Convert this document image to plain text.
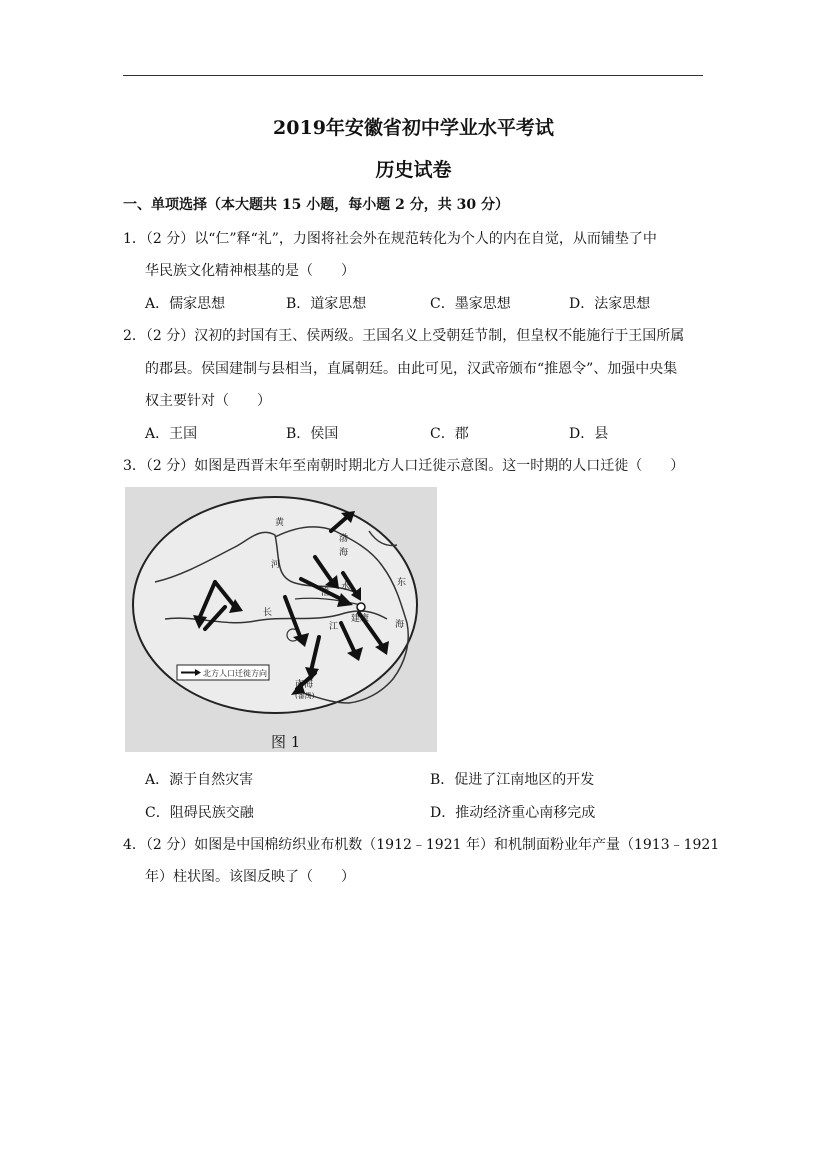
2019年安徽省初中学业水平考试
历史试卷
一、单项选择（本大题共 15 小题，每小题 2 分，共 30 分）
1．（2 分）以“仁”释“礼”，力图将社会外在规范转化为个人的内在自觉，从而铺垫了中
华民族文化精神根基的是（　　）
A．儒家思想	B．道家思想	C．墨家思想	D．法家思想
2．（2 分）汉初的封国有王、侯两级。王国名义上受朝廷节制，但皇权不能施行于王国所属
的郡县。侯国建制与县相当，直属朝廷。由此可见，汉武帝颁布“推恩令”、加强中央集
权主要针对（　　）
A．王国	B．侯国	C．郡	D．县
3．（2 分）如图是西晋末年至南朝时期北方人口迁徙示意图。这一时期的人口迁徙（　　）
黄
河
渤
海
淮
水
长
江
建康
东
海
南海
(番禺)
北方人口迁徙方向
图 1
A．源于自然灾害	B．促进了江南地区的开发
C．阻碍民族交融	D．推动经济重心南移完成
4．（2 分）如图是中国棉纺织业布机数（1912﹣1921 年）和机制面粉业年产量（1913﹣1921
年）柱状图。该图反映了（　　）
